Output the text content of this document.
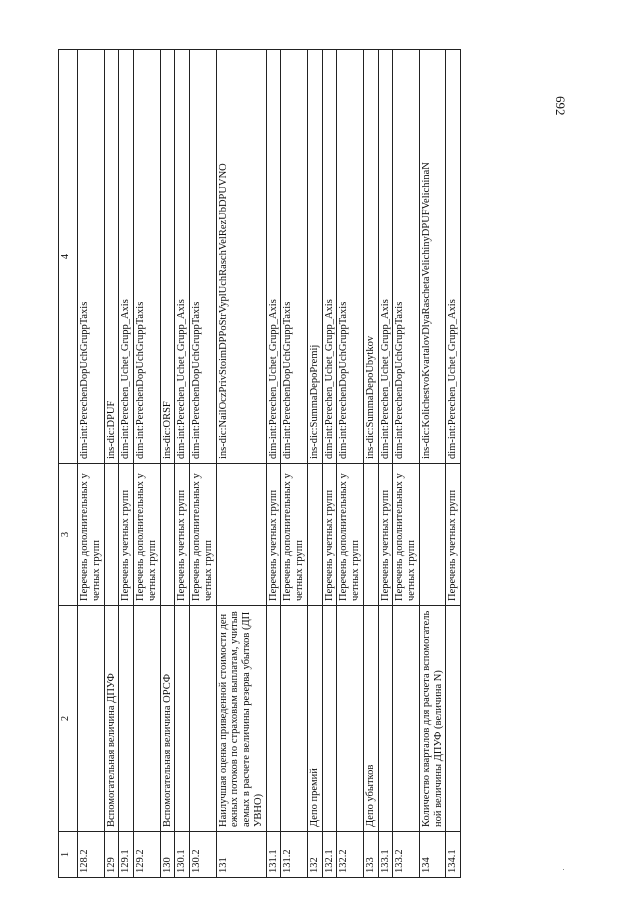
692
1	2	3	4
128.2		Перечень дополнительных учетных групп	dim-int:PerechenDopUchGruppTaxis
129	Вспомогательная величина ДПУФ		ins-dic:DPUF
129.1		Перечень учетных групп	dim-int:Perechen_Uchet_Grupp_Axis
129.2		Перечень дополнительных учетных групп	dim-int:PerechenDopUchGruppTaxis
130	Вспомогательная величина ОРСФ		ins-dic:ORSF
130.1		Перечень учетных групп	dim-int:Perechen_Uchet_Grupp_Axis
130.2		Перечень дополнительных учетных групп	dim-int:PerechenDopUchGruppTaxis
131	Наилучшая оценка приведенной стоимости денежных потоков по страховым выплатам, учитываемых в расчете величины резерва убытков (ДПУВНО)		ins-dic:NailOczPrivStoimDPPoStrVyplUchRaschVelRezUbDPUVNO
131.1		Перечень учетных групп	dim-int:Perechen_Uchet_Grupp_Axis
131.2		Перечень дополнительных учетных групп	dim-int:PerechenDopUchGruppTaxis
132	Депо премий		ins-dic:SummaDepoPremij
132.1		Перечень учетных групп	dim-int:Perechen_Uchet_Grupp_Axis
132.2		Перечень дополнительных учетных групп	dim-int:PerechenDopUchGruppTaxis
133	Депо убытков		ins-dic:SummaDepoUbytkov
133.1		Перечень учетных групп	dim-int:Perechen_Uchet_Grupp_Axis
133.2		Перечень дополнительных учетных групп	dim-int:PerechenDopUchGruppTaxis
134	Количество кварталов для расчета вспомогательной величины ДПУФ (величина N)		ins-dic:KolichestvoKvartalovDlyaRaschetaVelichinyDPUFVelichinaN
134.1		Перечень учетных групп	dim-int:Perechen_Uchet_Grupp_Axis
·
